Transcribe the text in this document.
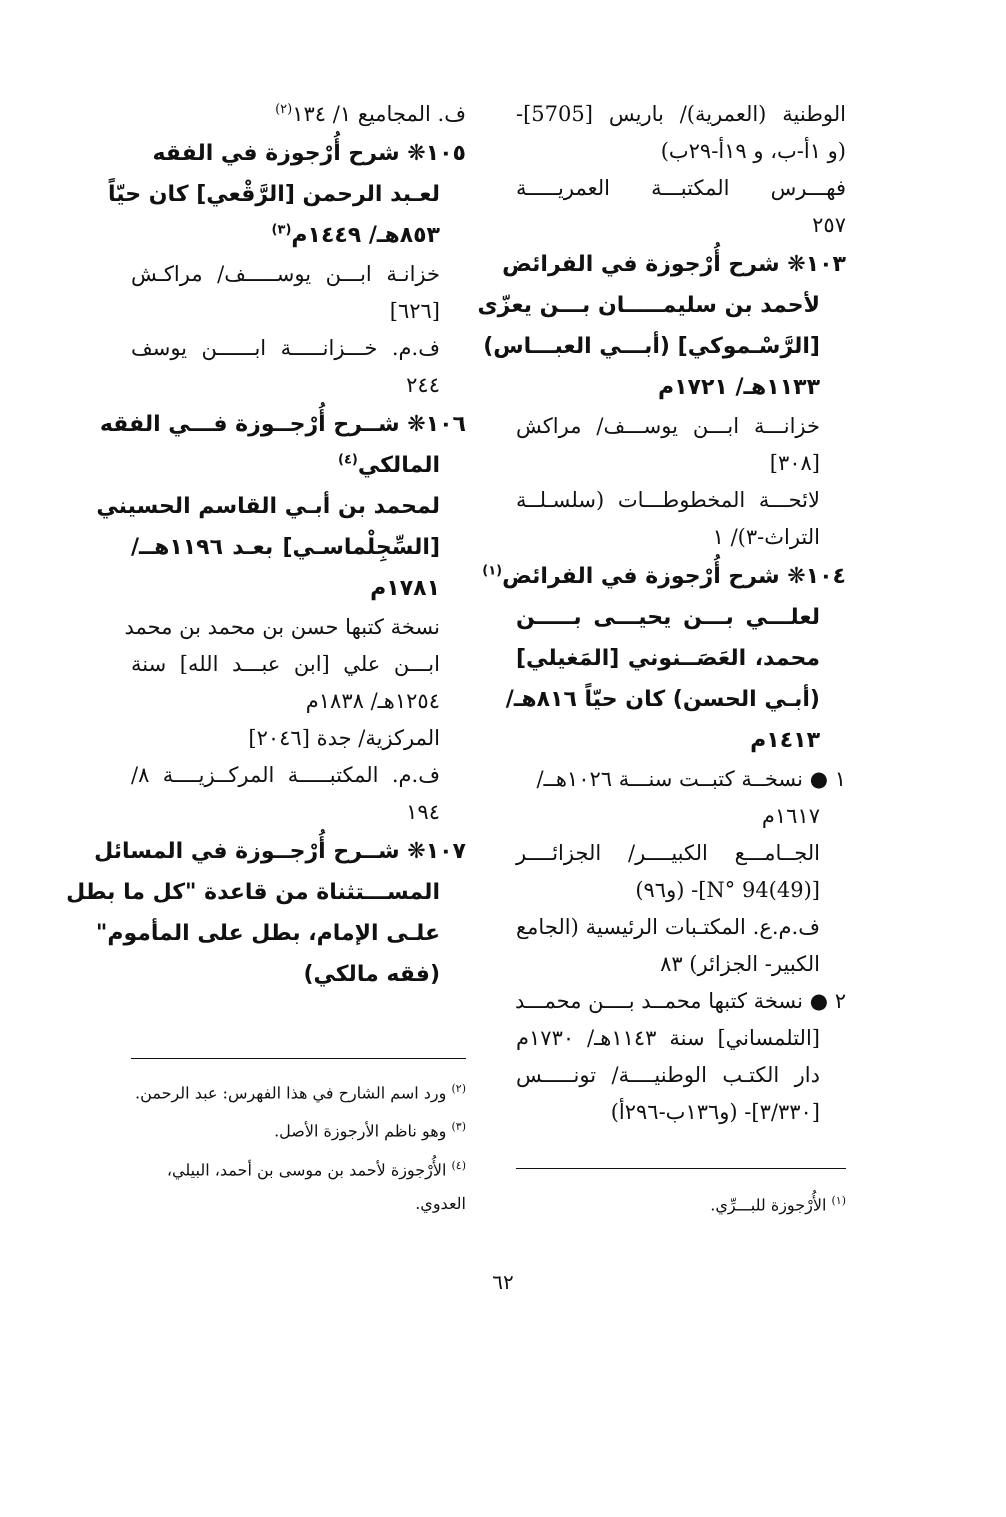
الوطنية (العمرية)/ باريس [5705]-
(و ١أ-ب، و ١٩أ-٢٩ب)
فهـــرس المكتبـــة العمريـــــة
٢٥٧
١٠٣❋ شرح أُرْجوزة في الفرائض
لأحمد بن سليمـــــان بـــن يعزّى
[الرَّسْـموكي] (أبـــي العبـــاس)
١١٣٣هـ/ ١٧٢١م
خزانـــة ابـــن يوســـف/ مراكش
[٣٠٨]
لائحـــة المخطوطـــات (سلسـلــة
التراث-٣)/ ١
١٠٤❋ شرح أُرْجوزة في الفرائض$^{(١)}$
لعلـــي بـــن يحيـــى بـــــن
محمد، العَصَــنوني [المَغيلي]
(أبـي الحسن) كان حيّاً ٨١٦هـ/
١٤١٣م
١ ● نسخــة كتبــت سنـــة ١٠٢٦هــ/
١٦١٧م
الجــامـــع الكبيــــر/ الجزائــــر
[N° 94(49)]- (و٩٦)
ف.م.ع. المكتـبات الرئيسية (الجامع
الكبير- الجزائر) ٨٣
٢ ● نسخة كتبها محمــد بــــن محمـــد
[التلمساني] سنة ١١٤٣هـ/ ١٧٣٠م
دار الكتـب الوطنيــــة/ تونـــــس
[٣/٣٣٠]- (و١٣٦ب-٢٩٦أ)
ف. المجاميع ١/ ١٣٤$^{(٢)}$
١٠٥❋ شرح أُرْجوزة في الفقه
لعـبد الرحمن [الرَّقْعي] كان حيّاً
٨٥٣هـ/ ١٤٤٩م$^{(٣)}$
خزانـة ابـــن يوســـــف/ مراكـش
[٦٢٦]
ف.م. خـــزانـــــة ابــــــن يوسف
٢٤٤
١٠٦❋ شــرح أُرْجــوزة فـــي الفقه
المالكي$^{(٤)}$
لمحمد بن أبـي القاسم الحسيني
[السِّجِلْماسـي] بعـد ١١٩٦هــ/
١٧٨١م
نسخة كتبها حسن بن محمد بن محمد
ابـــن علي [ابن عبـــد الله] سنة
١٢٥٤هـ/ ١٨٣٨م
المركزية/ جدة [٢٠٤٦]
ف.م. المكتبـــــة المركــزيــــة ٨/
١٩٤
١٠٧❋ شــرح أُرْجــوزة في المسائل
المســـتثناة من قاعدة "كل ما بطل
علـى الإمام، بطل على المأموم"
(فقه مالكي)
$^{(٢)}$ ورد اسم الشارح في هذا الفهرس: عبد الرحمن.
$^{(٣)}$ وهو ناظم الأرجوزة الأصل.
$^{(٤)}$ الأُرْجوزة لأحمد بن موسى بن أحمد، البيلي،
العدوي.	$^{(١)}$ الأُرْجوزة للبـــرِّي.
٦٢
